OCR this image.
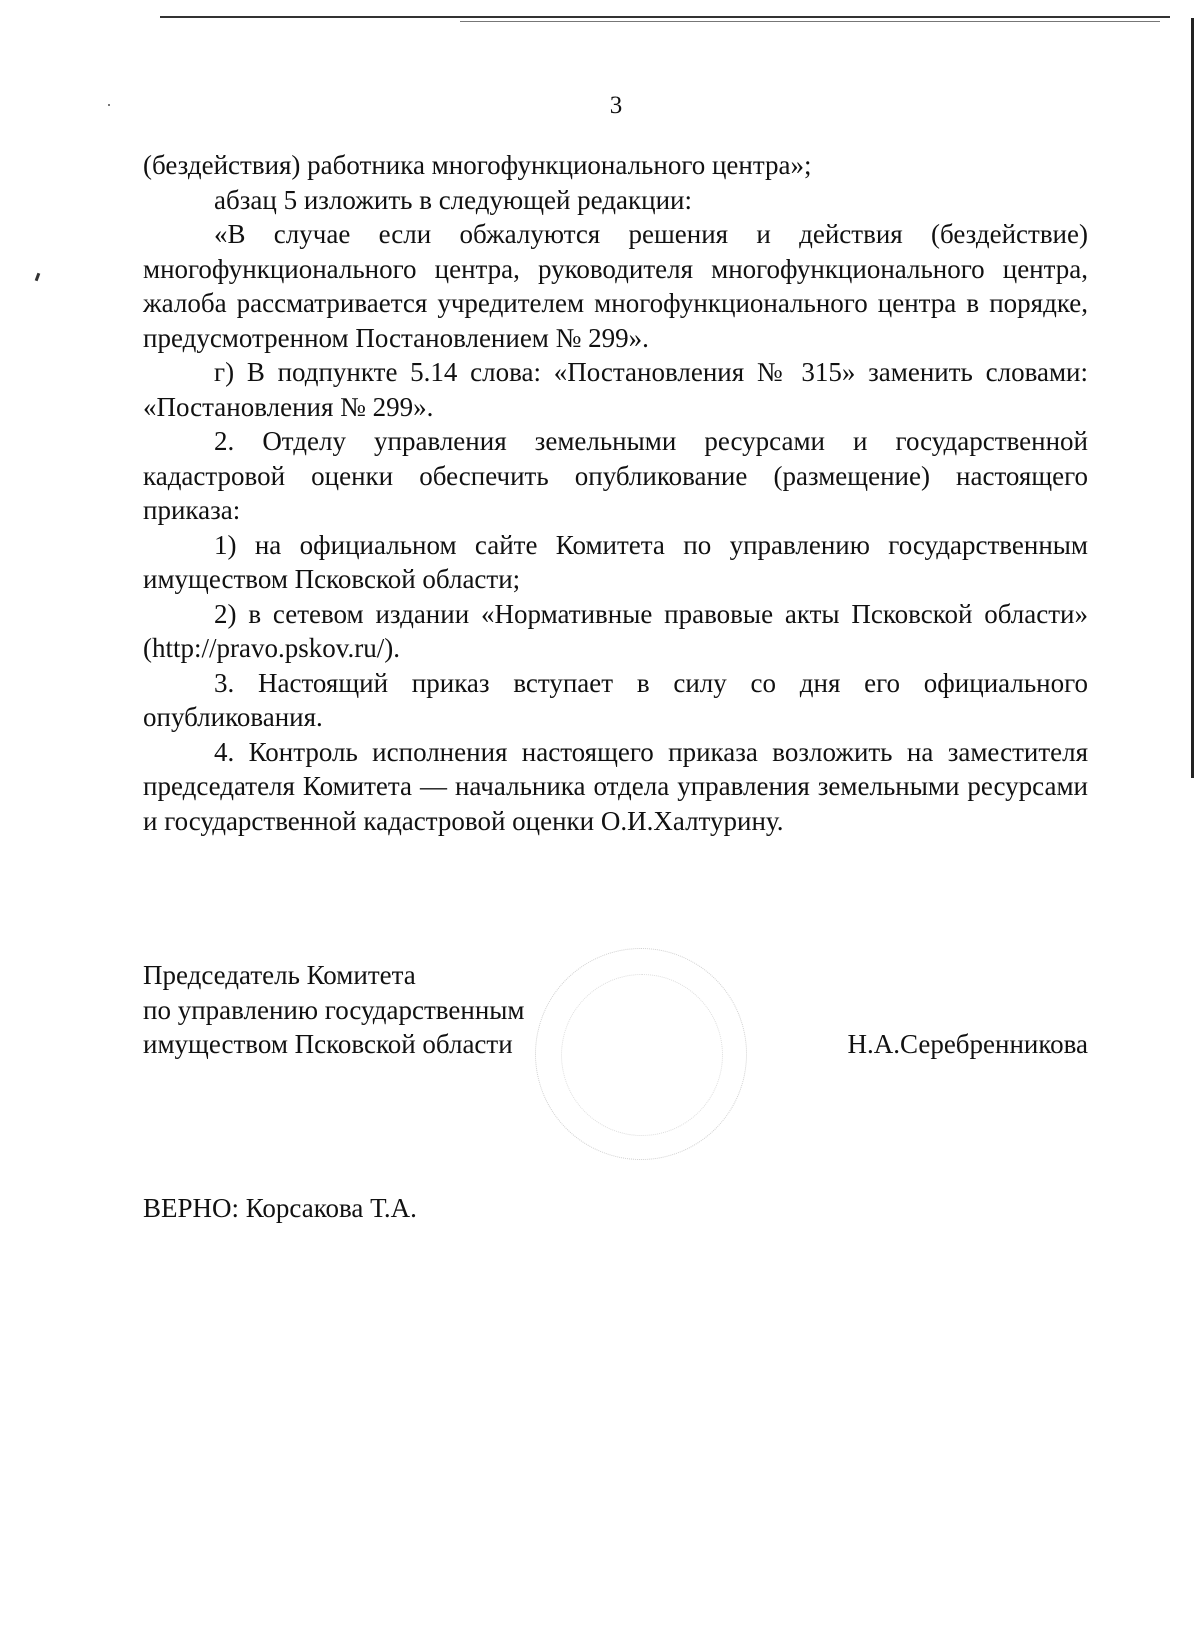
3

(бездействия) работника многофункционального центра»;

абзац 5 изложить в следующей редакции:

«В случае если обжалуются решения и действия (бездействие) многофункционального центра, руководителя многофункционального центра, жалоба рассматривается учредителем многофункционального центра в порядке, предусмотренном Постановлением № 299».

г) В подпункте 5.14 слова: «Постановления № 315» заменить словами: «Постановления № 299».

2. Отделу управления земельными ресурсами и государственной кадастровой оценки обеспечить опубликование (размещение) настоящего приказа:

1) на официальном сайте Комитета по управлению государственным имуществом Псковской области;

2) в сетевом издании «Нормативные правовые акты Псковской области» (http://pravo.pskov.ru/).

3. Настоящий приказ вступает в силу со дня его официального опубликования.

4. Контроль исполнения настоящего приказа возложить на заместителя председателя Комитета — начальника отдела управления земельными ресурсами и государственной кадастровой оценки О.И.Халтурину.

Председатель Комитета
по управлению государственным
имуществом Псковской области	Н.А.Серебренникова
ВЕРНО: Корсакова Т.А.
